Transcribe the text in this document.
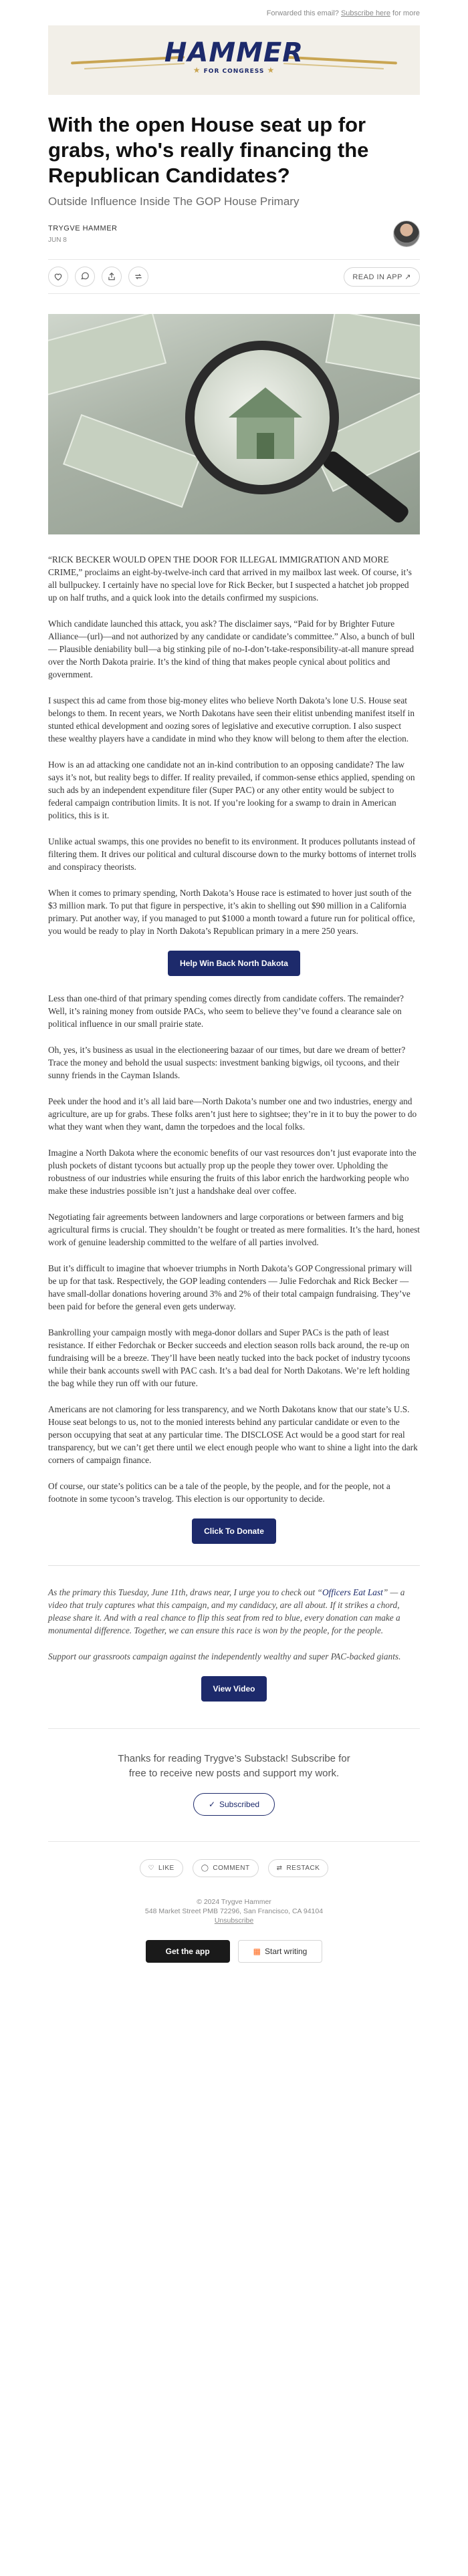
Forwarded this email? Subscribe here for more
HAMMER
★ FOR CONGRESS ★
With the open House seat up for grabs, who's really financing the Republican Candidates?
Outside Influence Inside The GOP House Primary
TRYGVE HAMMER
JUN 8
READ IN APP ↗

“RICK BECKER WOULD OPEN THE DOOR FOR ILLEGAL IMMIGRATION AND MORE CRIME,” proclaims an eight-by-twelve-inch card that arrived in my mailbox last week. Of course, it’s all bullpuckey. I certainly have no special love for Rick Becker, but I suspected a hatchet job propped up on half truths, and a quick look into the details confirmed my suspicions.

Which candidate launched this attack, you ask? The disclaimer says, “Paid for by Brighter Future Alliance—(url)—and not authorized by any candidate or candidate’s committee.” Also, a bunch of bull— Plausible deniability bull—a big stinking pile of no-I-don’t-take-responsibility-at-all manure spread over the North Dakota prairie. It’s the kind of thing that makes people cynical about politics and government.

I suspect this ad came from those big-money elites who believe North Dakota’s lone U.S. House seat belongs to them. In recent years, we North Dakotans have seen their elitist unbending manifest itself in stunted ethical development and oozing sores of legislative and executive corruption. I also suspect these wealthy players have a candidate in mind who they know will belong to them after the election.

How is an ad attacking one candidate not an in-kind contribution to an opposing candidate? The law says it’s not, but reality begs to differ. If reality prevailed, if common-sense ethics applied, spending on such ads by an independent expenditure filer (Super PAC) or any other entity would be subject to federal campaign contribution limits. It is not. If you’re looking for a swamp to drain in American politics, this is it.

Unlike actual swamps, this one provides no benefit to its environment. It produces pollutants instead of filtering them. It drives our political and cultural discourse down to the murky bottoms of internet trolls and conspiracy theorists.

When it comes to primary spending, North Dakota’s House race is estimated to hover just south of the $3 million mark. To put that figure in perspective, it’s akin to shelling out $90 million in a California primary. Put another way, if you managed to put $1000 a month toward a future run for political office, you would be ready to play in North Dakota’s Republican primary in a mere 250 years.

Help Win Back North Dakota

Less than one-third of that primary spending comes directly from candidate coffers. The remainder? Well, it’s raining money from outside PACs, who seem to believe they’ve found a clearance sale on political influence in our small prairie state.

Oh, yes, it’s business as usual in the electioneering bazaar of our times, but dare we dream of better? Trace the money and behold the usual suspects: investment banking bigwigs, oil tycoons, and their sunny friends in the Cayman Islands.

Peek under the hood and it’s all laid bare—North Dakota’s number one and two industries, energy and agriculture, are up for grabs. These folks aren’t just here to sightsee; they’re in it to buy the power to do what they want when they want, damn the torpedoes and the local folks.

Imagine a North Dakota where the economic benefits of our vast resources don’t just evaporate into the plush pockets of distant tycoons but actually prop up the people they tower over. Upholding the robustness of our industries while ensuring the fruits of this labor enrich the hardworking people who make these industries possible isn’t just a handshake deal over coffee.

Negotiating fair agreements between landowners and large corporations or between farmers and big agricultural firms is crucial. They shouldn’t be fought or treated as mere formalities. It’s the hard, honest work of genuine leadership committed to the welfare of all parties involved.

But it’s difficult to imagine that whoever triumphs in North Dakota’s GOP Congressional primary will be up for that task. Respectively, the GOP leading contenders — Julie Fedorchak and Rick Becker — have small-dollar donations hovering around 3% and 2% of their total campaign fundraising. They’ve been paid for before the general even gets underway.

Bankrolling your campaign mostly with mega-donor dollars and Super PACs is the path of least resistance. If either Fedorchak or Becker succeeds and election season rolls back around, the re-up on fundraising will be a breeze. They’ll have been neatly tucked into the back pocket of industry tycoons while their bank accounts swell with PAC cash. It’s a bad deal for North Dakotans. We’re left holding the bag while they run off with our future.

Americans are not clamoring for less transparency, and we North Dakotans know that our state’s U.S. House seat belongs to us, not to the monied interests behind any particular candidate or even to the person occupying that seat at any particular time. The DISCLOSE Act would be a good start for real transparency, but we can’t get there until we elect enough people who want to shine a light into the dark corners of campaign finance.

Of course, our state’s politics can be a tale of the people, by the people, and for the people, not a footnote in some tycoon’s travelog. This election is our opportunity to decide.

Click To Donate

As the primary this Tuesday, June 11th, draws near, I urge you to check out “Officers Eat Last” — a video that truly captures what this campaign, and my candidacy, are all about. If it strikes a chord, please share it. And with a real chance to flip this seat from red to blue, every donation can make a monumental difference. Together, we can ensure this race is won by the people, for the people.

Support our grassroots campaign against the independently wealthy and super PAC-backed giants.

View Video
Thanks for reading Trygve’s Substack! Subscribe for free to receive new posts and support my work.
✓ Subscribed
♡ LIKE	◯ COMMENT	⇄ RESTACK
© 2024 Trygve Hammer
548 Market Street PMB 72296, San Francisco, CA 94104
Unsubscribe
Get the app	▦ Start writing
